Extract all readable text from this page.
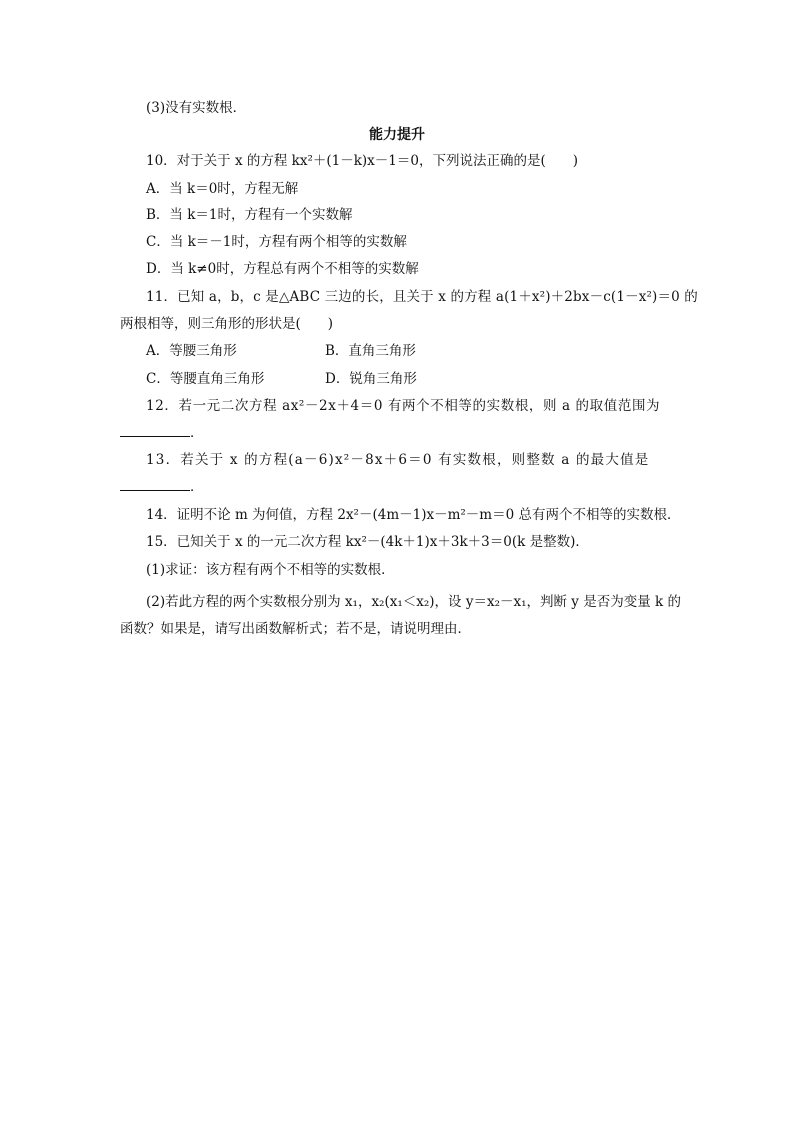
(3)没有实数根．
能力提升
10．对于关于 x 的方程 kx²＋(1－k)x－1＝0，下列说法正确的是(　　)
A．当 k＝0时，方程无解
B．当 k＝1时，方程有一个实数解
C．当 k＝－1时，方程有两个相等的实数解
D．当 k≠0时，方程总有两个不相等的实数解
11．已知 a，b，c 是△ABC 三边的长，且关于 x 的方程 a(1＋x²)＋2bx－c(1－x²)＝0 的
两根相等，则三角形的形状是(　　)
A．等腰三角形	B．直角三角形
C．等腰直角三角形	D．锐角三角形
12．若一元二次方程 ax²－2x＋4＝0 有两个不相等的实数根，则 a 的取值范围为
．
13．若关于 x 的方程(a－6)x²－8x＋6＝0 有实数根，则整数 a 的最大值是
．
14．证明不论 m 为何值，方程 2x²－(4m－1)x－m²－m＝0 总有两个不相等的实数根．
15．已知关于 x 的一元二次方程 kx²－(4k＋1)x＋3k＋3＝0(k 是整数)．
(1)求证：该方程有两个不相等的实数根．
(2)若此方程的两个实数根分别为 x₁，x₂(x₁＜x₂)，设 y＝x₂－x₁，判断 y 是否为变量 k 的
函数？如果是，请写出函数解析式；若不是，请说明理由．
